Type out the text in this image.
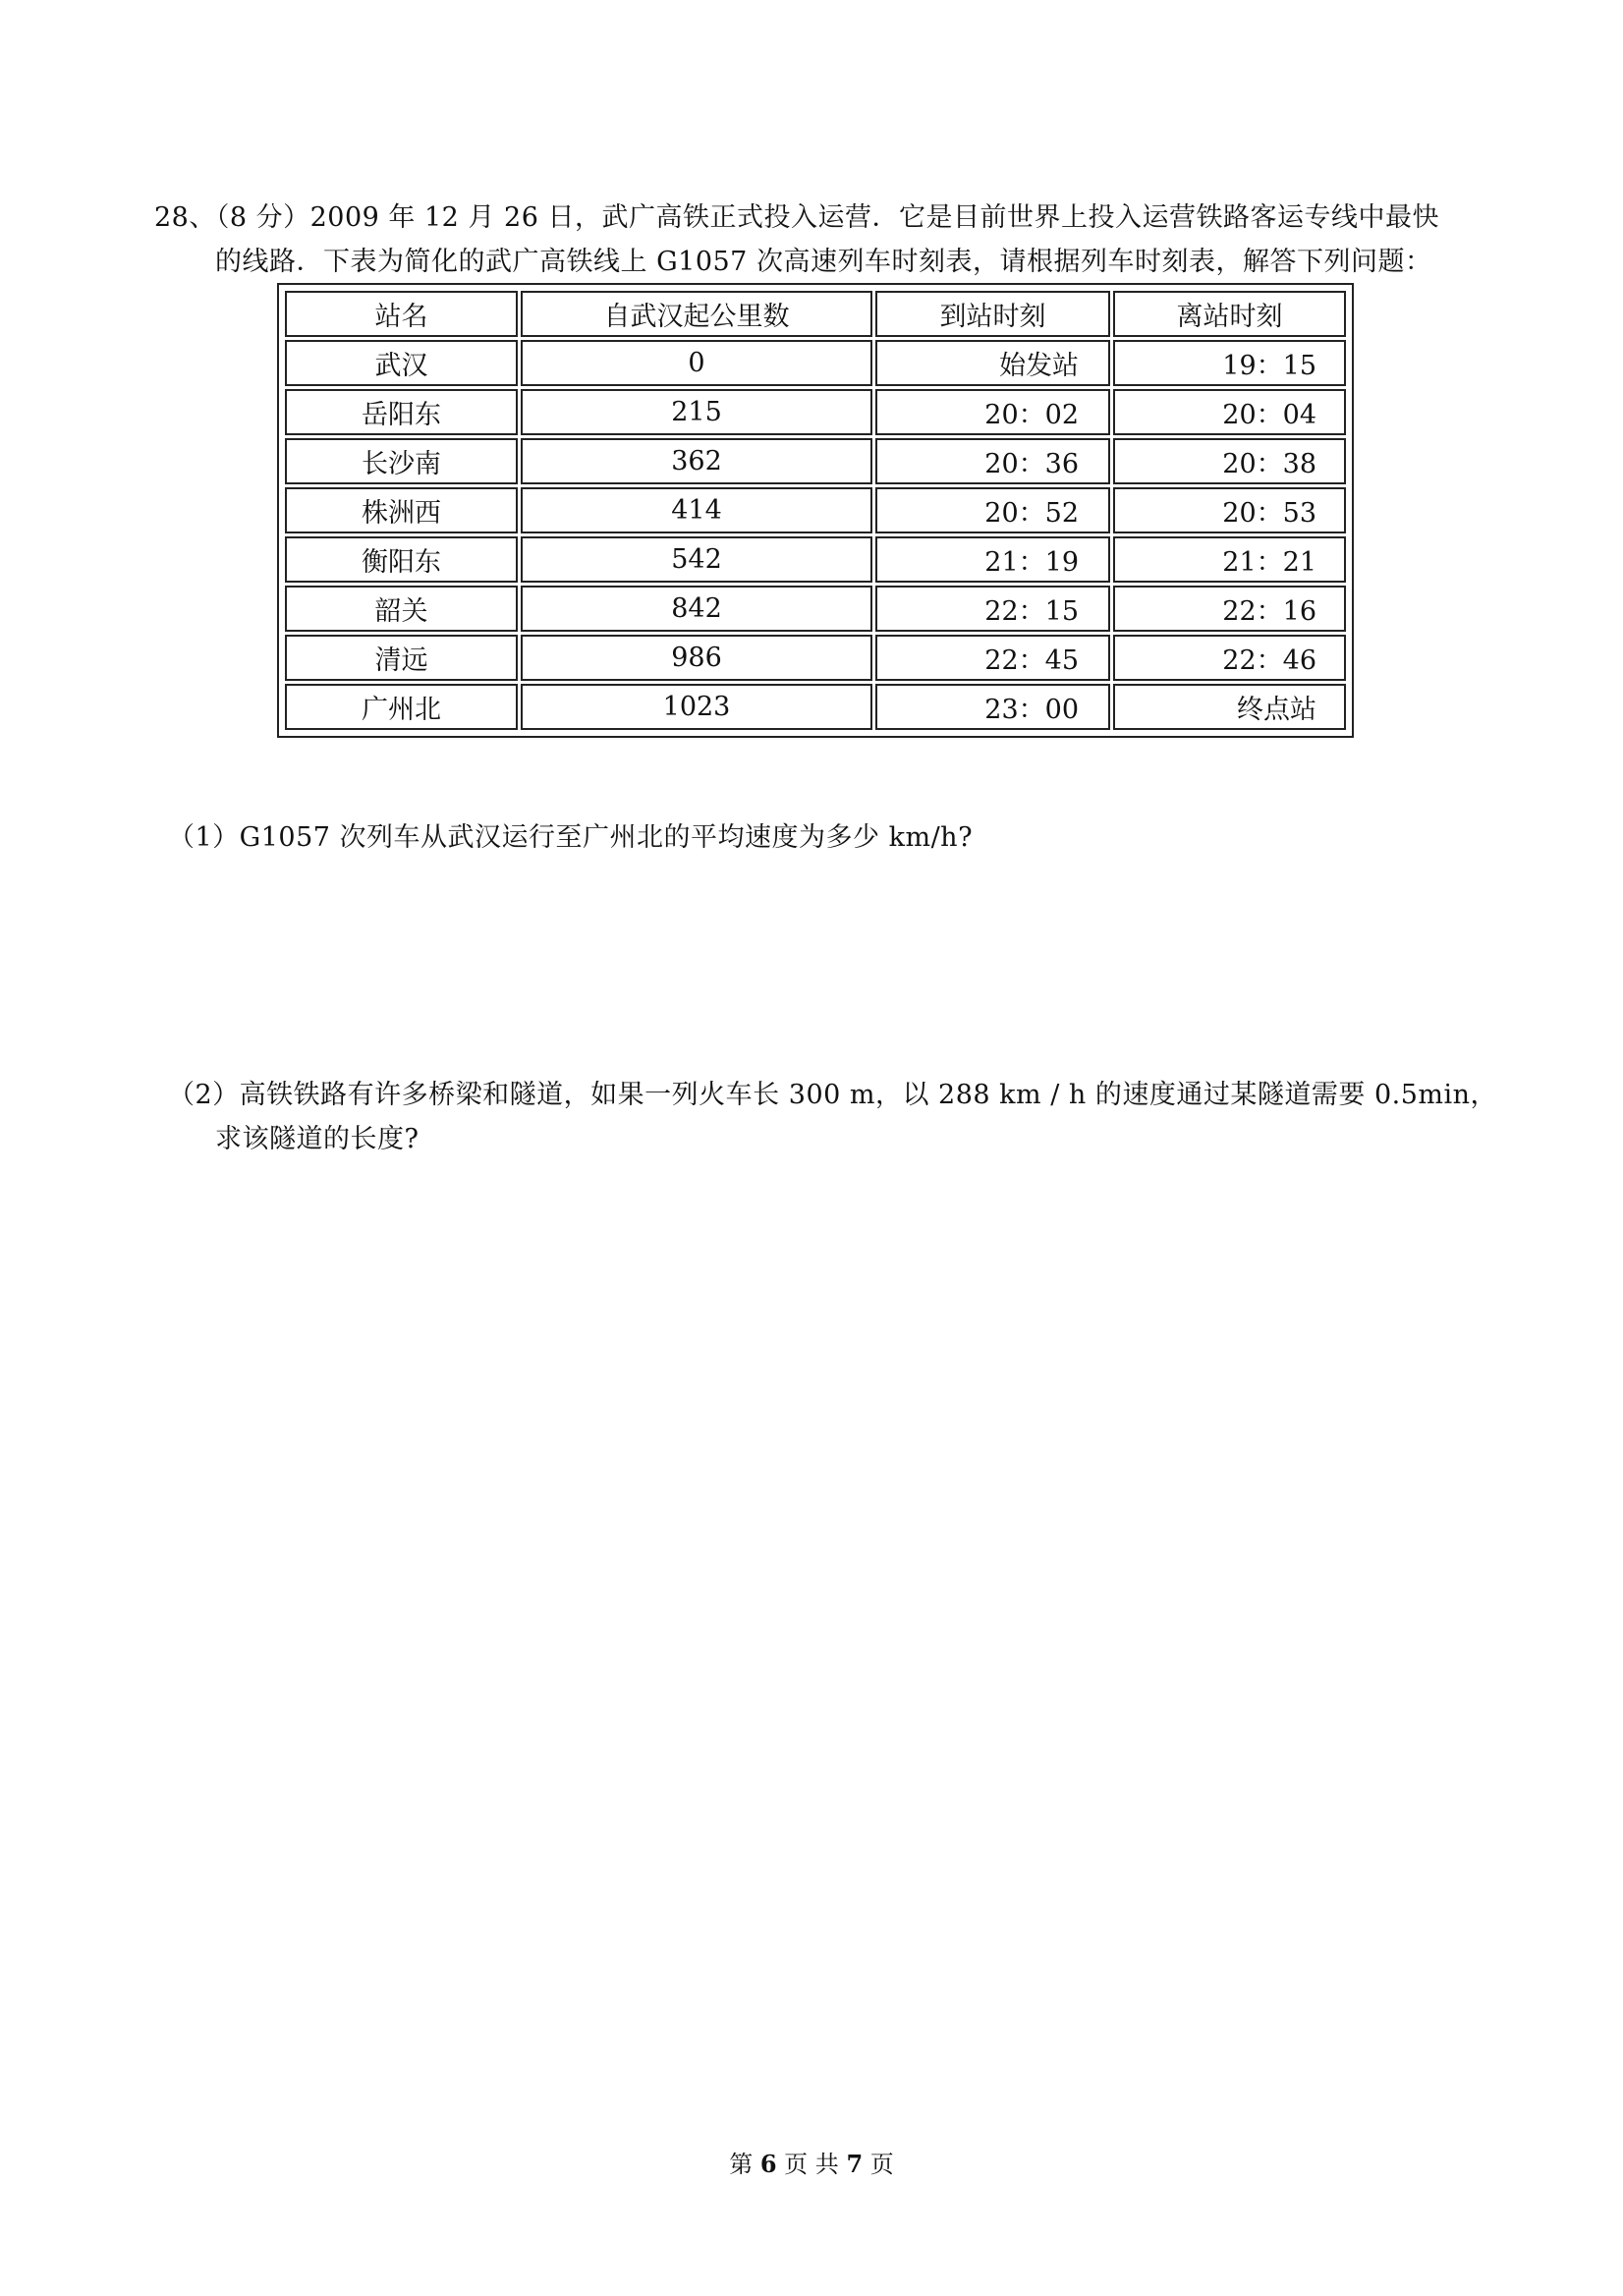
28、（8 分）2009 年 12 月 26 日，武广高铁正式投入运营．它是目前世界上投入运营铁路客运专线中最快
的线路．下表为简化的武广高铁线上 G1057 次高速列车时刻表，请根据列车时刻表，解答下列问题：
站名	自武汉起公里数	到站时刻	离站时刻
武汉	0	始发站	19：15
岳阳东	215	20：02	20：04
长沙南	362	20：36	20：38
株洲西	414	20：52	20：53
衡阳东	542	21：19	21：21
韶关	842	22：15	22：16
清远	986	22：45	22：46
广州北	1023	23：00	终点站
（1）G1057 次列车从武汉运行至广州北的平均速度为多少 km/h?
（2）高铁铁路有许多桥梁和隧道，如果一列火车长 300 m，以 288 km / h 的速度通过某隧道需要 0.5min，
求该隧道的长度?
第 6 页 共 7 页
